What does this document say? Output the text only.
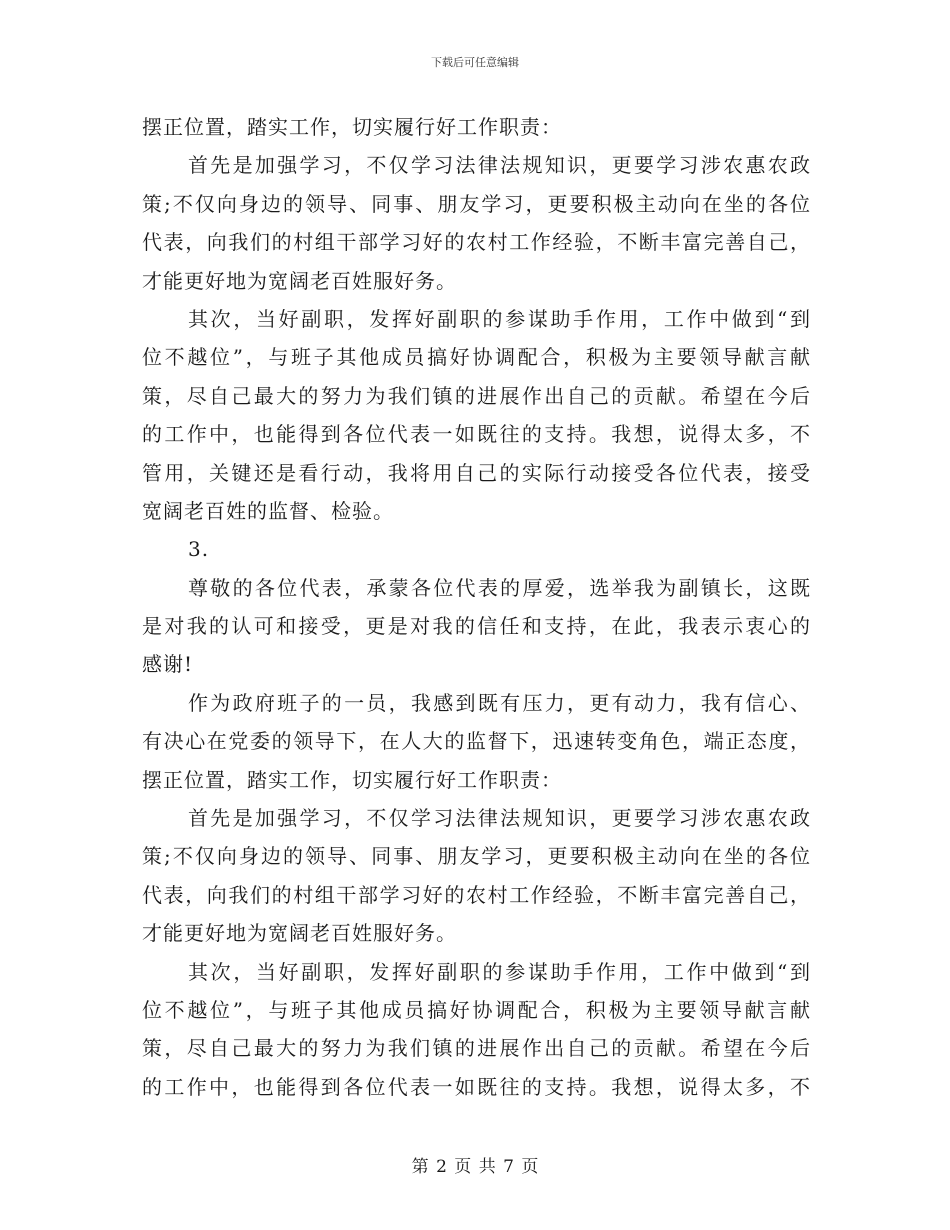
下载后可任意编辑
摆正位置，踏实工作，切实履行好工作职责：
首先是加强学习，不仅学习法律法规知识，更要学习涉农惠农政
策;不仅向身边的领导、同事、朋友学习，更要积极主动向在坐的各位
代表，向我们的村组干部学习好的农村工作经验，不断丰富完善自己，
才能更好地为宽阔老百姓服好务。
其次，当好副职，发挥好副职的参谋助手作用，工作中做到“到
位不越位”，与班子其他成员搞好协调配合，积极为主要领导献言献
策，尽自己最大的努力为我们镇的进展作出自己的贡献。希望在今后
的工作中，也能得到各位代表一如既往的支持。我想，说得太多，不
管用，关键还是看行动，我将用自己的实际行动接受各位代表，接受
宽阔老百姓的监督、检验。
3.
尊敬的各位代表，承蒙各位代表的厚爱，选举我为副镇长，这既
是对我的认可和接受，更是对我的信任和支持，在此，我表示衷心的
感谢!
作为政府班子的一员，我感到既有压力，更有动力，我有信心、
有决心在党委的领导下，在人大的监督下，迅速转变角色，端正态度，
摆正位置，踏实工作，切实履行好工作职责：
首先是加强学习，不仅学习法律法规知识，更要学习涉农惠农政
策;不仅向身边的领导、同事、朋友学习，更要积极主动向在坐的各位
代表，向我们的村组干部学习好的农村工作经验，不断丰富完善自己，
才能更好地为宽阔老百姓服好务。
其次，当好副职，发挥好副职的参谋助手作用，工作中做到“到
位不越位”，与班子其他成员搞好协调配合，积极为主要领导献言献
策，尽自己最大的努力为我们镇的进展作出自己的贡献。希望在今后
的工作中，也能得到各位代表一如既往的支持。我想，说得太多，不
第 2 页 共 7 页
